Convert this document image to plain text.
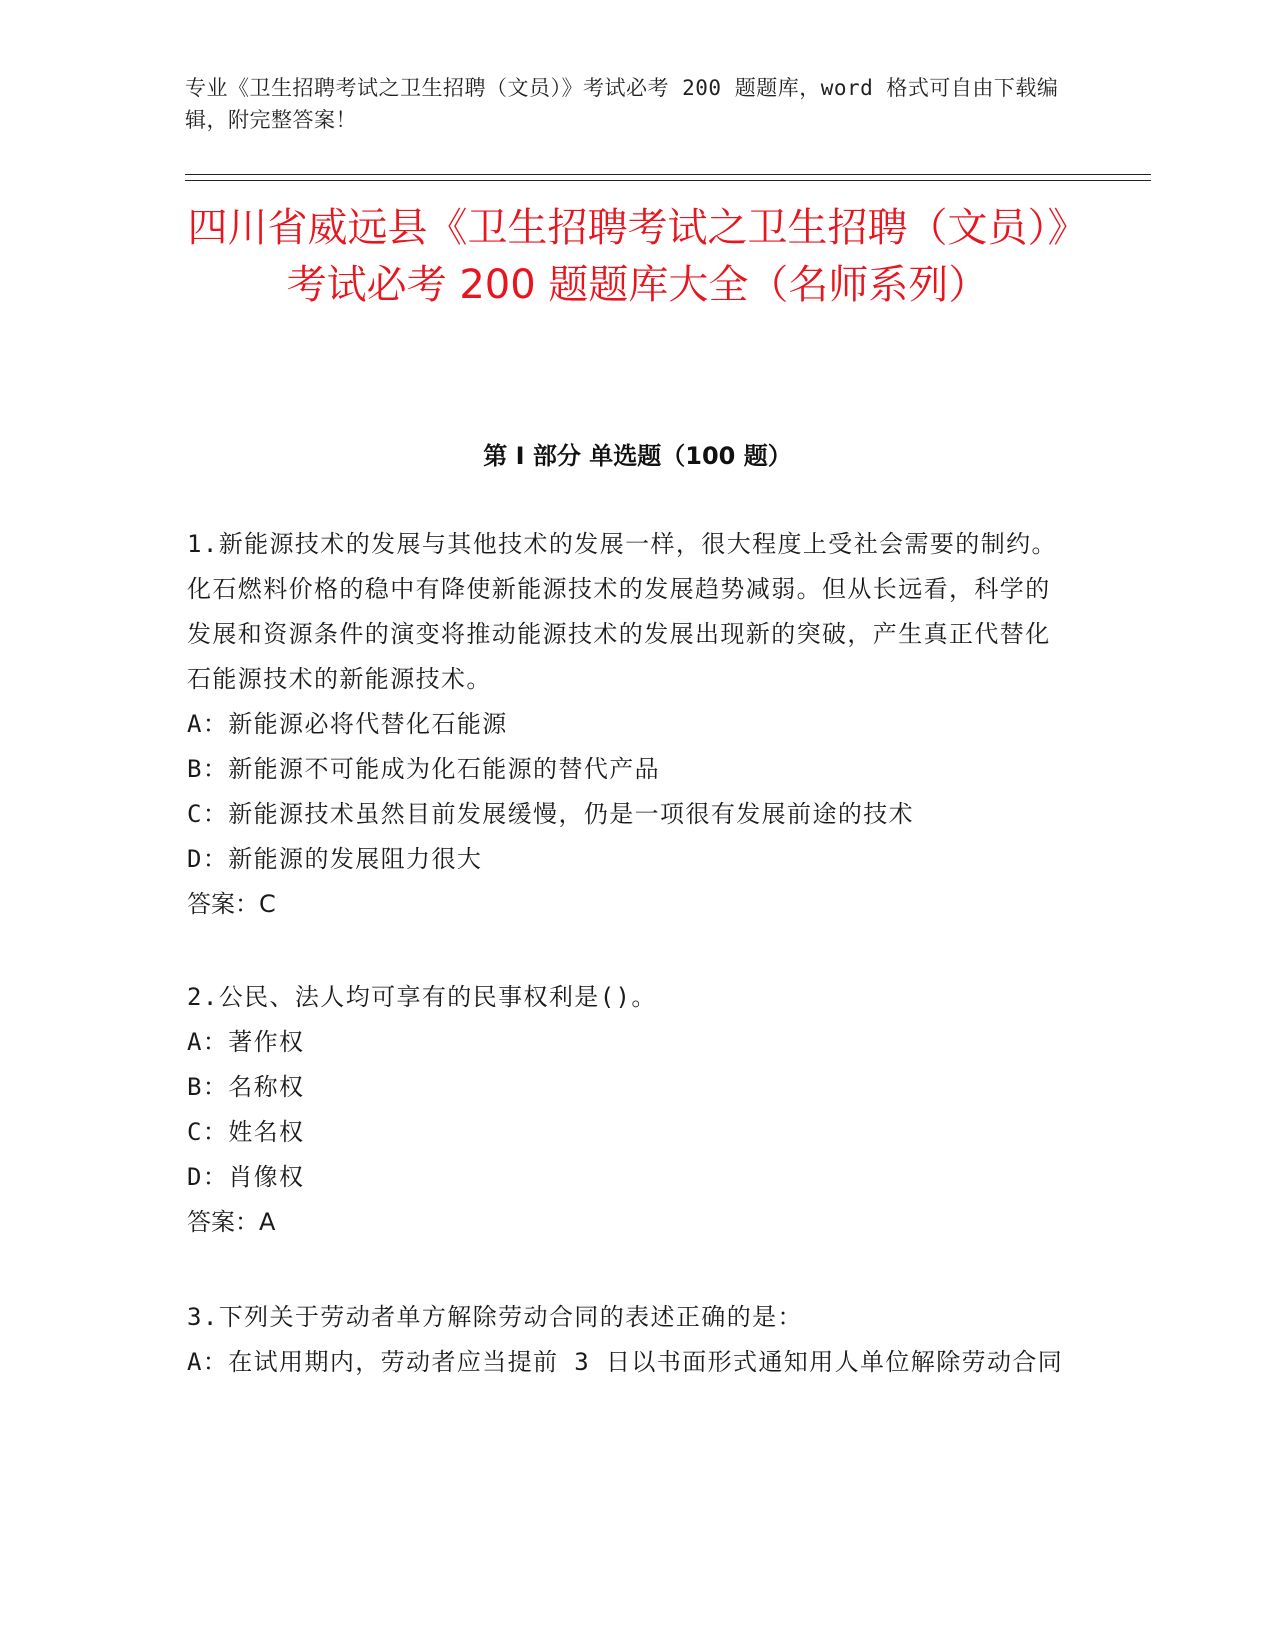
专业《卫生招聘考试之卫生招聘（文员）》考试必考 200 题题库，word 格式可自由下载编辑，附完整答案！
四川省威远县《卫生招聘考试之卫生招聘（文员）》考试必考 200 题题库大全（名师系列）
第 I 部分 单选题（100 题）
1.新能源技术的发展与其他技术的发展一样，很大程度上受社会需要的制约。化石燃料价格的稳中有降使新能源技术的发展趋势减弱。但从长远看，科学的发展和资源条件的演变将推动能源技术的发展出现新的突破，产生真正代替化石能源技术的新能源技术。
A：新能源必将代替化石能源
B：新能源不可能成为化石能源的替代产品
C：新能源技术虽然目前发展缓慢，仍是一项很有发展前途的技术
D：新能源的发展阻力很大
答案：C
2.公民、法人均可享有的民事权利是()。
A：著作权
B：名称权
C：姓名权
D：肖像权
答案：A
3.下列关于劳动者单方解除劳动合同的表述正确的是：
A：在试用期内，劳动者应当提前 3 日以书面形式通知用人单位解除劳动合同
